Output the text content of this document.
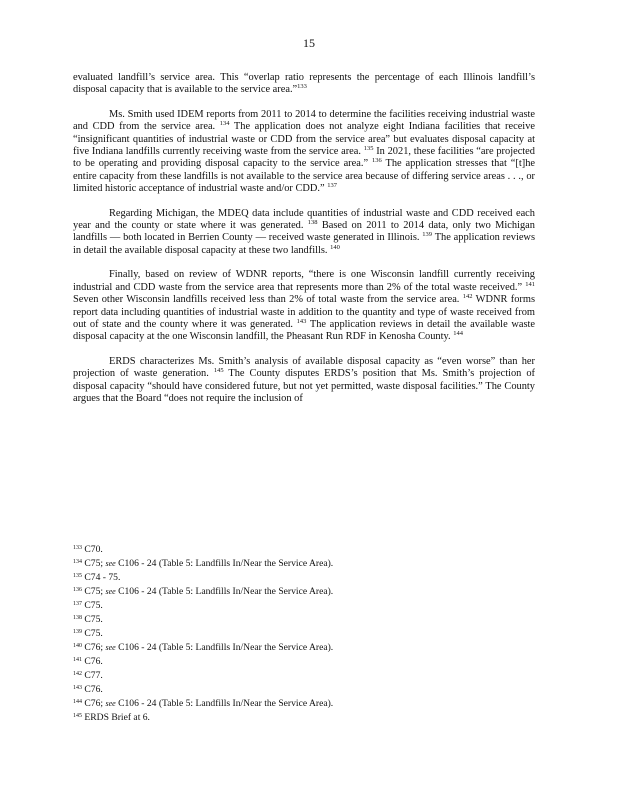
15

evaluated landfill’s service area. This “overlap ratio represents the percentage of each Illinois landfill’s disposal capacity that is available to the service area.”$^{133}$

Ms. Smith used IDEM reports from 2011 to 2014 to determine the facilities receiving industrial waste and CDD from the service area. $^{134}$ The application does not analyze eight Indiana facilities that receive “insignificant quantities of industrial waste or CDD from the service area” but evaluates disposal capacity at five Indiana landfills currently receiving waste from the service area. $^{135}$ In 2021, these facilities “are projected to be operating and providing disposal capacity to the service area.” $^{136}$ The application stresses that “[t]he entire capacity from these landfills is not available to the service area because of differing service areas . . ., or limited historic acceptance of industrial waste and/or CDD.” $^{137}$

Regarding Michigan, the MDEQ data include quantities of industrial waste and CDD received each year and the county or state where it was generated. $^{138}$ Based on 2011 to 2014 data, only two Michigan landfills — both located in Berrien County — received waste generated in Illinois. $^{139}$ The application reviews in detail the available disposal capacity at these two landfills. $^{140}$

Finally, based on review of WDNR reports, “there is one Wisconsin landfill currently receiving industrial and CDD waste from the service area that represents more than 2% of the total waste received.” $^{141}$ Seven other Wisconsin landfills received less than 2% of total waste from the service area. $^{142}$ WDNR forms report data including quantities of industrial waste in addition to the quantity and type of waste received from out of state and the county where it was generated. $^{143}$ The application reviews in detail the available waste disposal capacity at the one Wisconsin landfill, the Pheasant Run RDF in Kenosha County. $^{144}$

ERDS characterizes Ms. Smith’s analysis of available disposal capacity as “even worse” than her projection of waste generation. $^{145}$ The County disputes ERDS’s position that Ms. Smith’s projection of disposal capacity “should have considered future, but not yet permitted, waste disposal facilities.” The County argues that the Board “does not require the inclusion of

$^{133}$ C70.
$^{134}$ C75; see C106 - 24 (Table 5: Landfills In/Near the Service Area).
$^{135}$ C74 - 75.
$^{136}$ C75; see C106 - 24 (Table 5: Landfills In/Near the Service Area).
$^{137}$ C75.
$^{138}$ C75.
$^{139}$ C75.
$^{140}$ C76; see C106 - 24 (Table 5: Landfills In/Near the Service Area).
$^{141}$ C76.
$^{142}$ C77.
$^{143}$ C76.
$^{144}$ C76; see C106 - 24 (Table 5: Landfills In/Near the Service Area).
$^{145}$ ERDS Brief at 6.
